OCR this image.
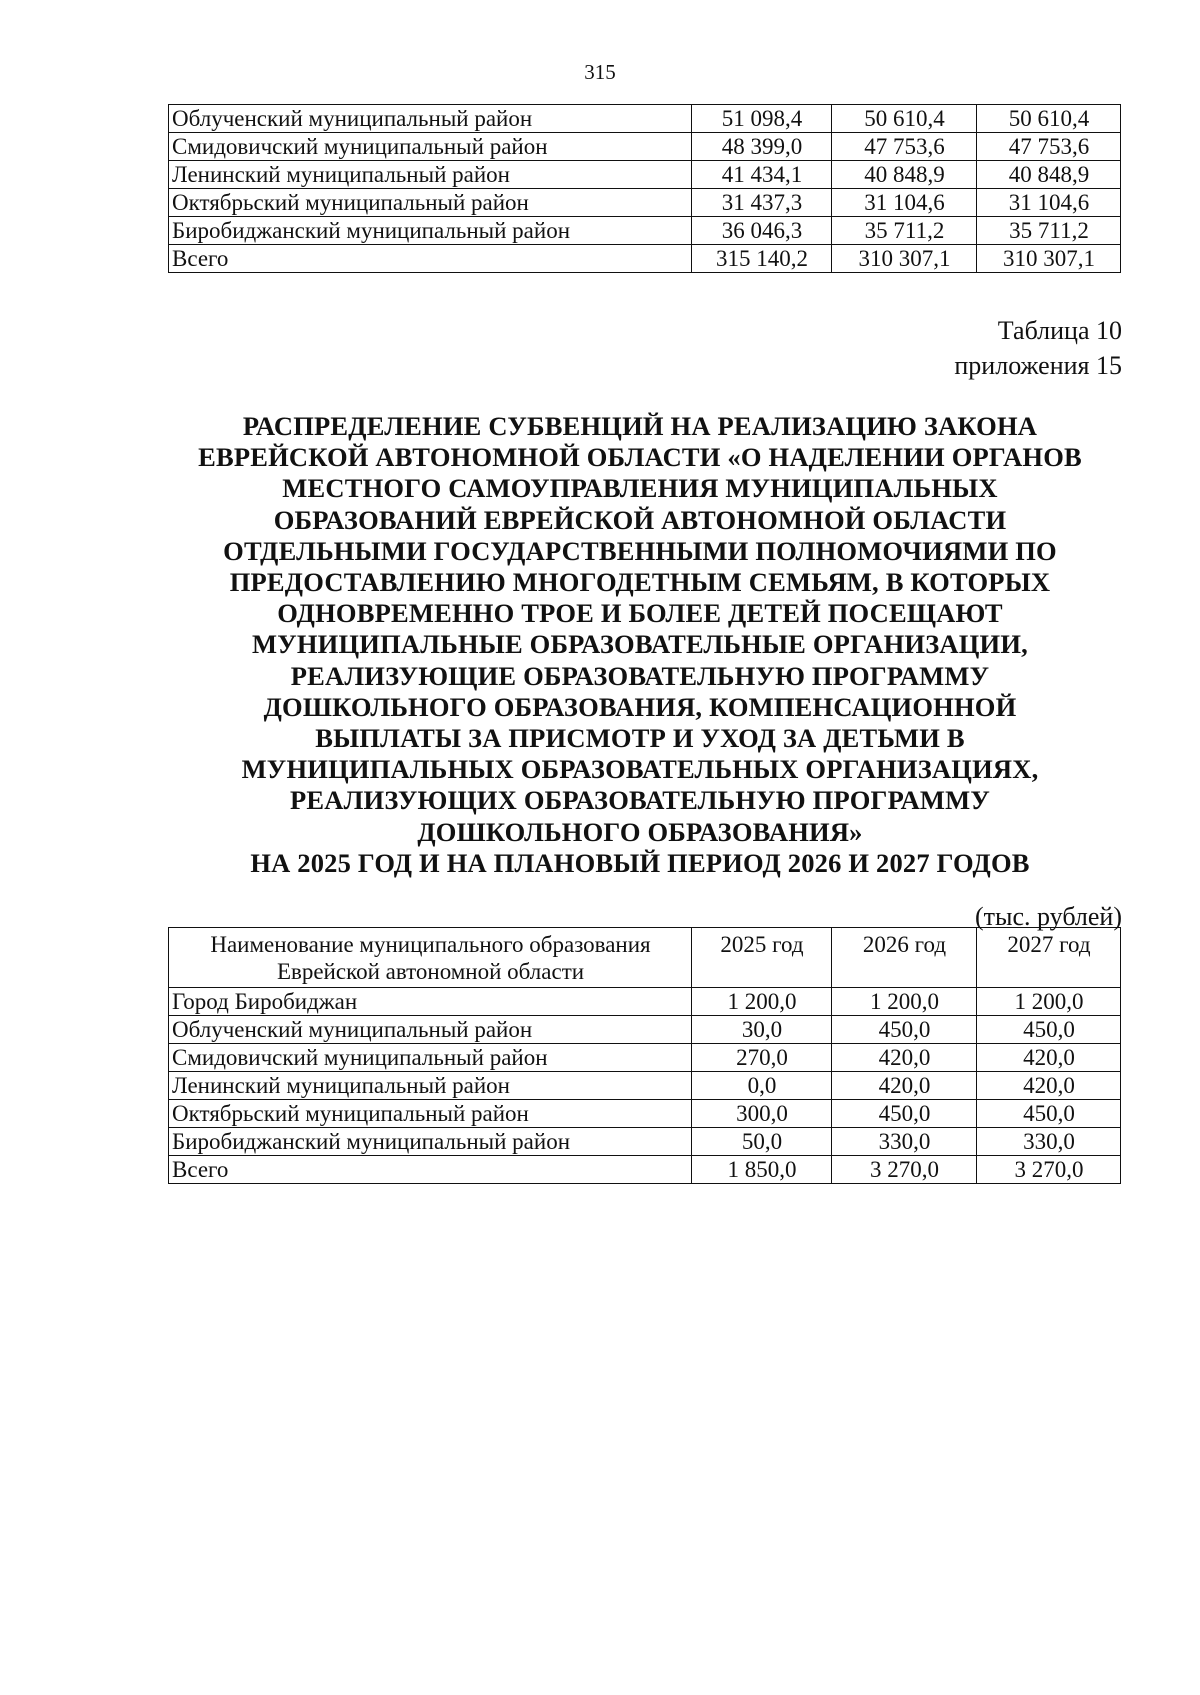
315
Облученский муниципальный район	51 098,4	50 610,4	50 610,4
Смидовичский муниципальный район	48 399,0	47 753,6	47 753,6
Ленинский муниципальный район	41 434,1	40 848,9	40 848,9
Октябрьский муниципальный район	31 437,3	31 104,6	31 104,6
Биробиджанский муниципальный район	36 046,3	35 711,2	35 711,2
Всего	315 140,2	310 307,1	310 307,1
Таблица 10
приложения 15
РАСПРЕДЕЛЕНИЕ СУБВЕНЦИЙ НА РЕАЛИЗАЦИЮ ЗАКОНА
ЕВРЕЙСКОЙ АВТОНОМНОЙ ОБЛАСТИ «О НАДЕЛЕНИИ ОРГАНОВ
МЕСТНОГО САМОУПРАВЛЕНИЯ МУНИЦИПАЛЬНЫХ
ОБРАЗОВАНИЙ ЕВРЕЙСКОЙ АВТОНОМНОЙ ОБЛАСТИ
ОТДЕЛЬНЫМИ ГОСУДАРСТВЕННЫМИ ПОЛНОМОЧИЯМИ ПО
ПРЕДОСТАВЛЕНИЮ МНОГОДЕТНЫМ СЕМЬЯМ, В КОТОРЫХ
ОДНОВРЕМЕННО ТРОЕ И БОЛЕЕ ДЕТЕЙ ПОСЕЩАЮТ
МУНИЦИПАЛЬНЫЕ ОБРАЗОВАТЕЛЬНЫЕ ОРГАНИЗАЦИИ,
РЕАЛИЗУЮЩИЕ ОБРАЗОВАТЕЛЬНУЮ ПРОГРАММУ
ДОШКОЛЬНОГО ОБРАЗОВАНИЯ, КОМПЕНСАЦИОННОЙ
ВЫПЛАТЫ ЗА ПРИСМОТР И УХОД ЗА ДЕТЬМИ В
МУНИЦИПАЛЬНЫХ ОБРАЗОВАТЕЛЬНЫХ ОРГАНИЗАЦИЯХ,
РЕАЛИЗУЮЩИХ ОБРАЗОВАТЕЛЬНУЮ ПРОГРАММУ
ДОШКОЛЬНОГО ОБРАЗОВАНИЯ»
НА 2025 ГОД И НА ПЛАНОВЫЙ ПЕРИОД 2026 И 2027 ГОДОВ
(тыс. рублей)
Наименование муниципального образования
Еврейской автономной области	2025 год	2026 год	2027 год
Город Биробиджан	1 200,0	1 200,0	1 200,0
Облученский муниципальный район	30,0	450,0	450,0
Смидовичский муниципальный район	270,0	420,0	420,0
Ленинский муниципальный район	0,0	420,0	420,0
Октябрьский муниципальный район	300,0	450,0	450,0
Биробиджанский муниципальный район	50,0	330,0	330,0
Всего	1 850,0	3 270,0	3 270,0
